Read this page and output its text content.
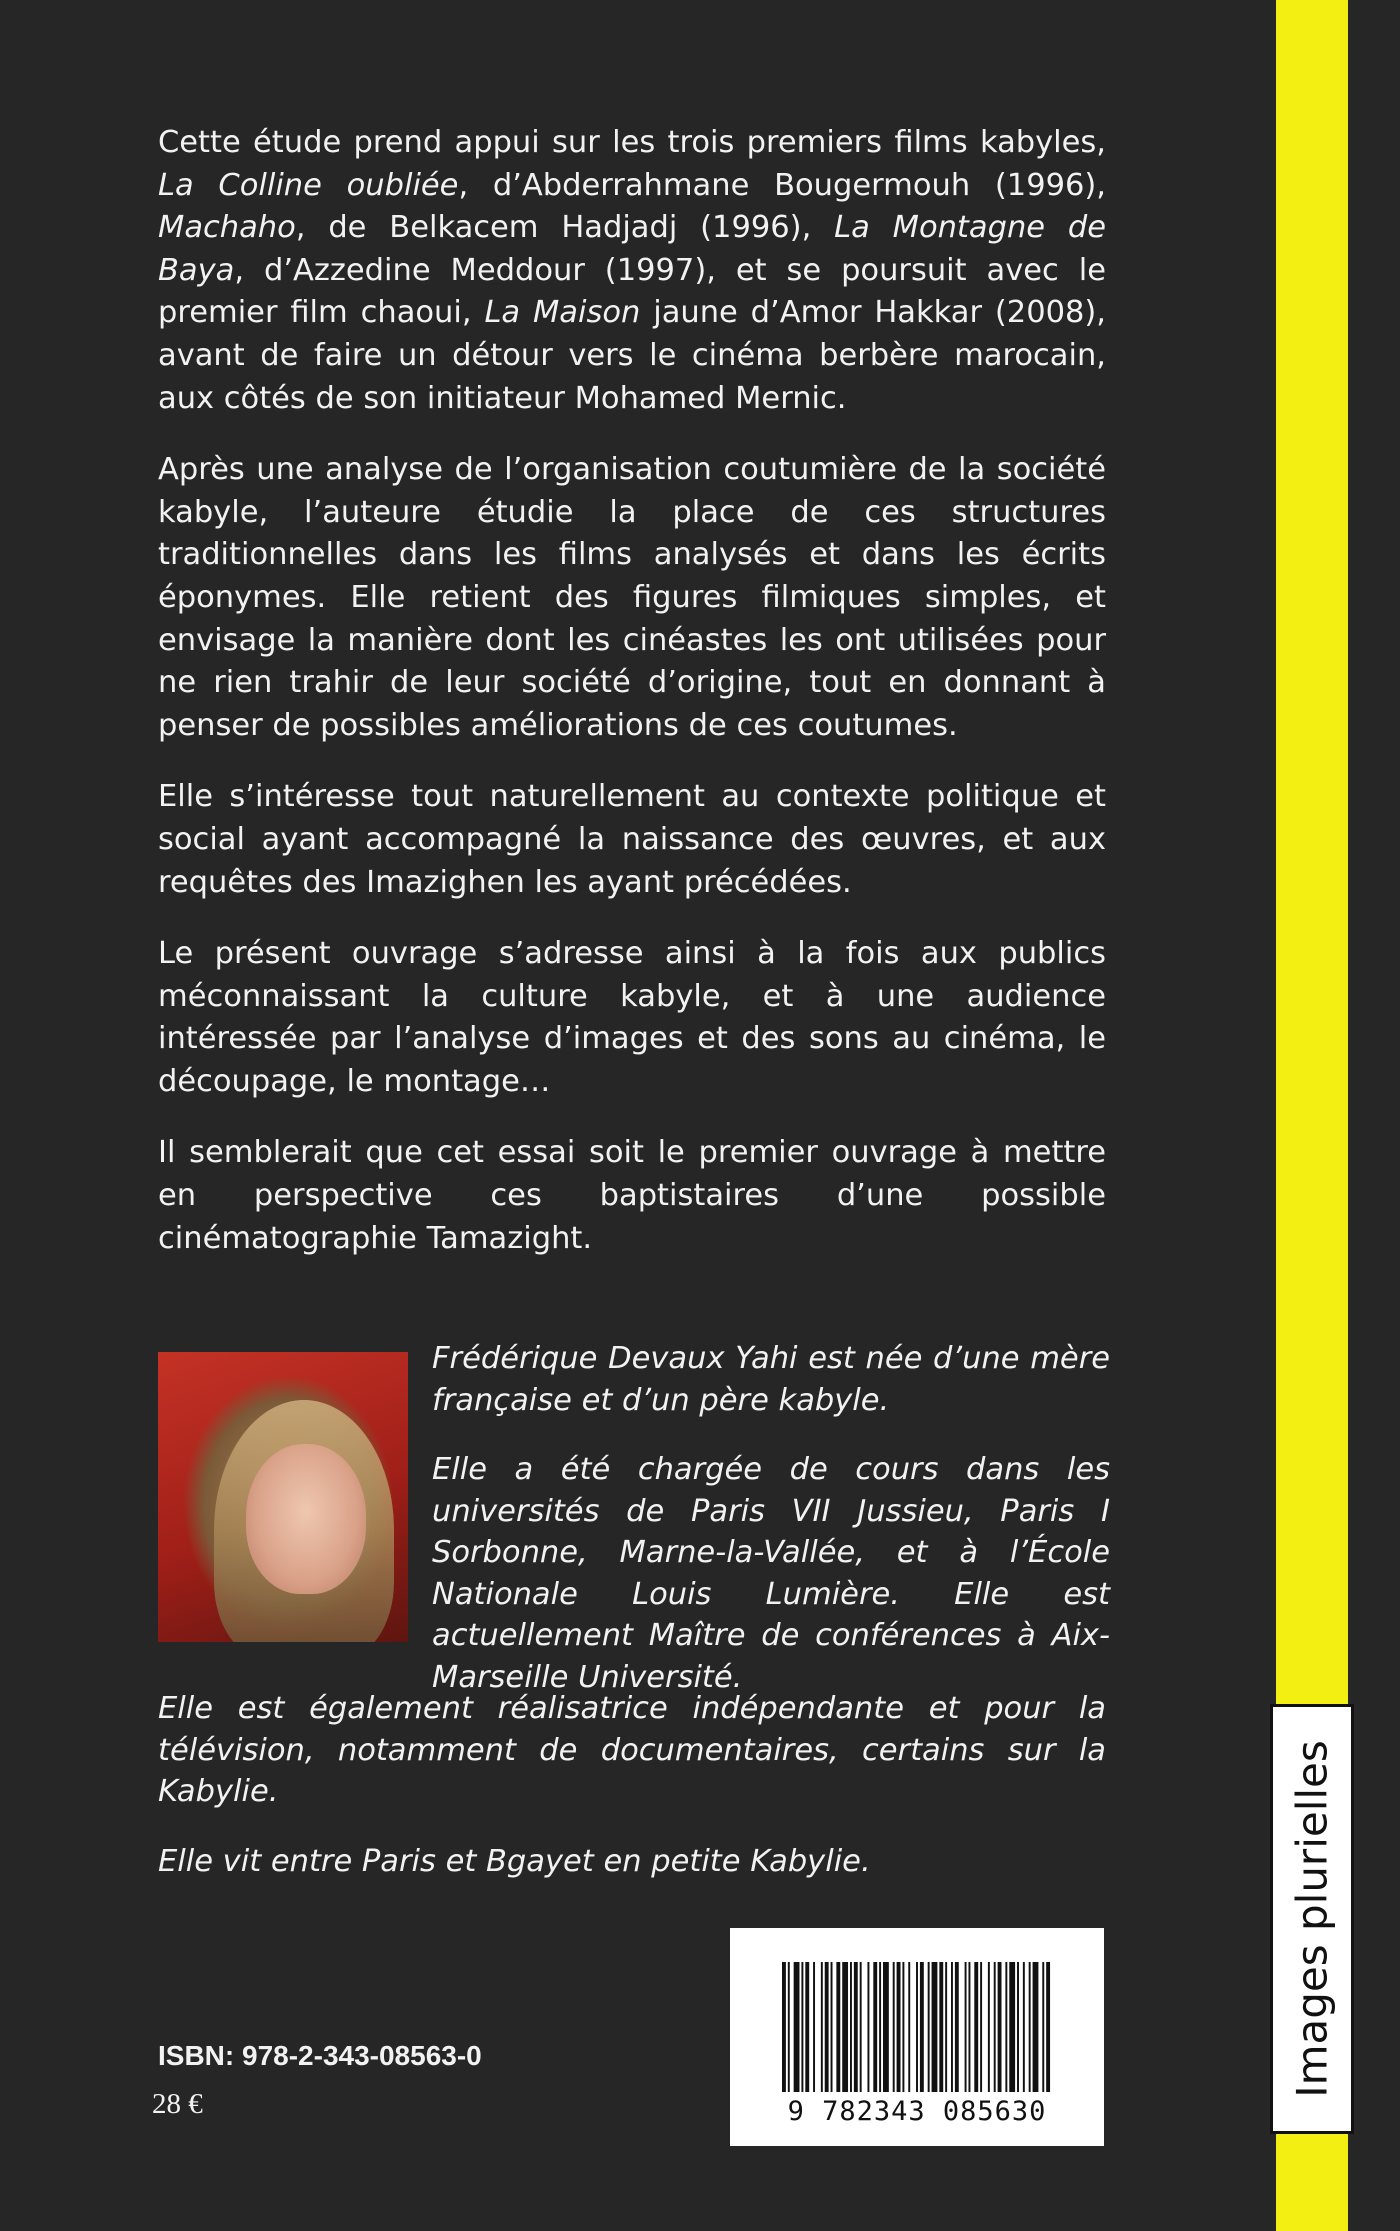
Images plurielles

Cette étude prend appui sur les trois premiers films kabyles, La Colline oubliée, d’Abderrahmane Bougermouh (1996), Machaho, de Belkacem Hadjadj (1996), La Montagne de Baya, d’Azzedine Meddour (1997), et se poursuit avec le premier film chaoui, La Maison jaune d’Amor Hakkar (2008), avant de faire un détour vers le cinéma berbère marocain, aux côtés de son initiateur Mohamed Mernic.

Après une analyse de l’organisation coutumière de la société kabyle, l’auteure étudie la place de ces structures traditionnelles dans les films analysés et dans les écrits éponymes. Elle retient des figures filmiques simples, et envisage la manière dont les cinéastes les ont utilisées pour ne rien trahir de leur société d’origine, tout en donnant à penser de possibles améliorations de ces coutumes.

Elle s’intéresse tout naturellement au contexte politique et social ayant accompagné la naissance des œuvres, et aux requêtes des Imazighen les ayant précédées.

Le présent ouvrage s’adresse ainsi à la fois aux publics méconnaissant la culture kabyle, et à une audience intéressée par l’analyse d’images et des sons au cinéma, le découpage, le montage…

Il semblerait que cet essai soit le premier ouvrage à mettre en perspective ces baptistaires d’une possible cinématographie Tamazight.

Frédérique Devaux Yahi est née d’une mère française et d’un père kabyle.

Elle a été chargée de cours dans les universités de Paris VII Jussieu, Paris I Sorbonne, Marne-la-Vallée, et à l’École Nationale Louis Lumière. Elle est actuellement Maître de conférences à Aix-Marseille Université.

Elle est également réalisatrice indépendante et pour la télévision, notamment de documentaires, certains sur la Kabylie.

Elle vit entre Paris et Bgayet en petite Kabylie.

9 782343 085630
ISBN: 978-2-343-08563-0
28 €
